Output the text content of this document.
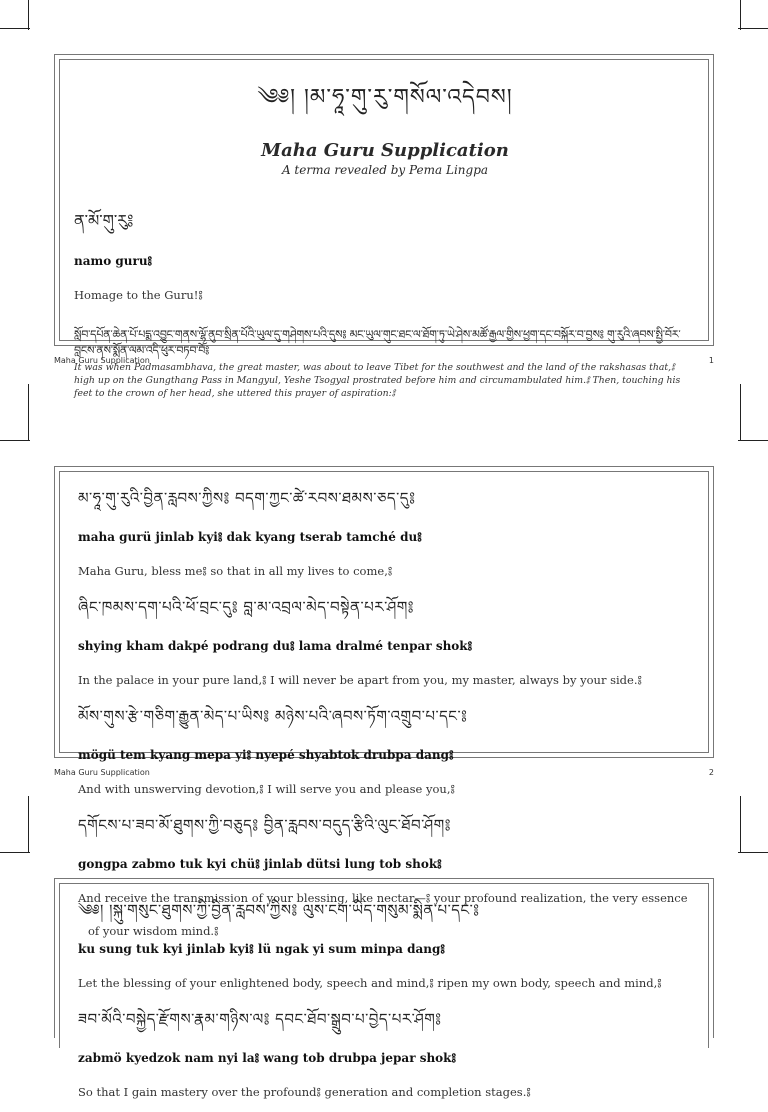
༄༅། །མ་ཧཱ་གུ་རུ་གསོལ་འདེབས།
Maha Guru Supplication
A terma revealed by Pema Lingpa
ན་མོ་གུ་རུ༔
namo guru༔
Homage to the Guru!༔
སློབ་དཔོན་ཆེན་པོ་པདྨ་འབྱུང་གནས་ལྷོ་ནུབ་སྲིན་པོའི་ཡུལ་དུ་གཤེགས་པའི་དུས༔ མང་ཡུལ་གུང་ཐང་ལ་ཐོག་ཏུ་ཡེ་ཤེས་མཚོ་རྒྱལ་གྱིས་ཕྱག་དང་བསྐོར་བ་བྱས༔ གུ་རུའི་ཞབས་སྤྱི་བོར་བླངས་ནས་སྨོན་ལམ་འདི་ཕུར་བཏབ་བོ༔
It was when Padmasambhava, the great master, was about to leave Tibet for the southwest and the land of the rakshasas that,༔ high up on the Gungthang Pass in Mangyul, Yeshe Tsogyal prostrated before him and circumambulated him.༔ Then, touching his feet to the crown of her head, she uttered this prayer of aspiration:༔
Maha Guru Supplication	1
མ་ཧཱ་གུ་རུའི་བྱིན་རླབས་ཀྱིས༔ བདག་ཀྱང་ཚེ་རབས་ཐམས་ཅད་དུ༔
maha gurü jinlab kyi༔ dak kyang tserab tamché du༔
Maha Guru, bless me༔ so that in all my lives to come,༔
ཞིང་ཁམས་དག་པའི་ཕོ་བྲང་དུ༔ བླ་མ་འབྲལ་མེད་བསྟེན་པར་ཤོག༔
shying kham dakpé podrang du༔ lama dralmé tenpar shok༔
In the palace in your pure land,༔ I will never be apart from you, my master, always by your side.༔
མོས་གུས་རྩེ་གཅིག་རྒྱུན་མེད་པ་ཡིས༔ མཉེས་པའི་ཞབས་ཏོག་འགྲུབ་པ་དང་༔
mögü tem kyang mepa yi༔ nyepé shyabtok drubpa dang༔
And with unswerving devotion,༔ I will serve you and please you,༔
དགོངས་པ་ཟབ་མོ་ཐུགས་ཀྱི་བཅུད༔ བྱིན་རླབས་བདུད་རྩིའི་ལུང་ཐོབ་ཤོག༔
gongpa zabmo tuk kyi chü༔ jinlab dütsi lung tob shok༔
And receive the transmission of your blessing, like nectar—༔ your profound realization, the very essence of your wisdom mind.༔
Maha Guru Supplication	2
༄༅། །སྐུ་གསུང་ཐུགས་ཀྱི་བྱིན་རླབས་ཀྱིས༔ ལུས་ངག་ཡིད་གསུམ་སྨིན་པ་དང་༔
ku sung tuk kyi jinlab kyi༔ lü ngak yi sum minpa dang༔
Let the blessing of your enlightened body, speech and mind,༔ ripen my own body, speech and mind,༔
ཟབ་མོའི་བསྐྱེད་རྫོགས་རྣམ་གཉིས་ལ༔ དབང་ཐོབ་སྒྲུབ་པ་བྱེད་པར་ཤོག༔
zabmö kyedzok nam nyi la༔ wang tob drubpa jepar shok༔
So that I gain mastery over the profound༔ generation and completion stages.༔
